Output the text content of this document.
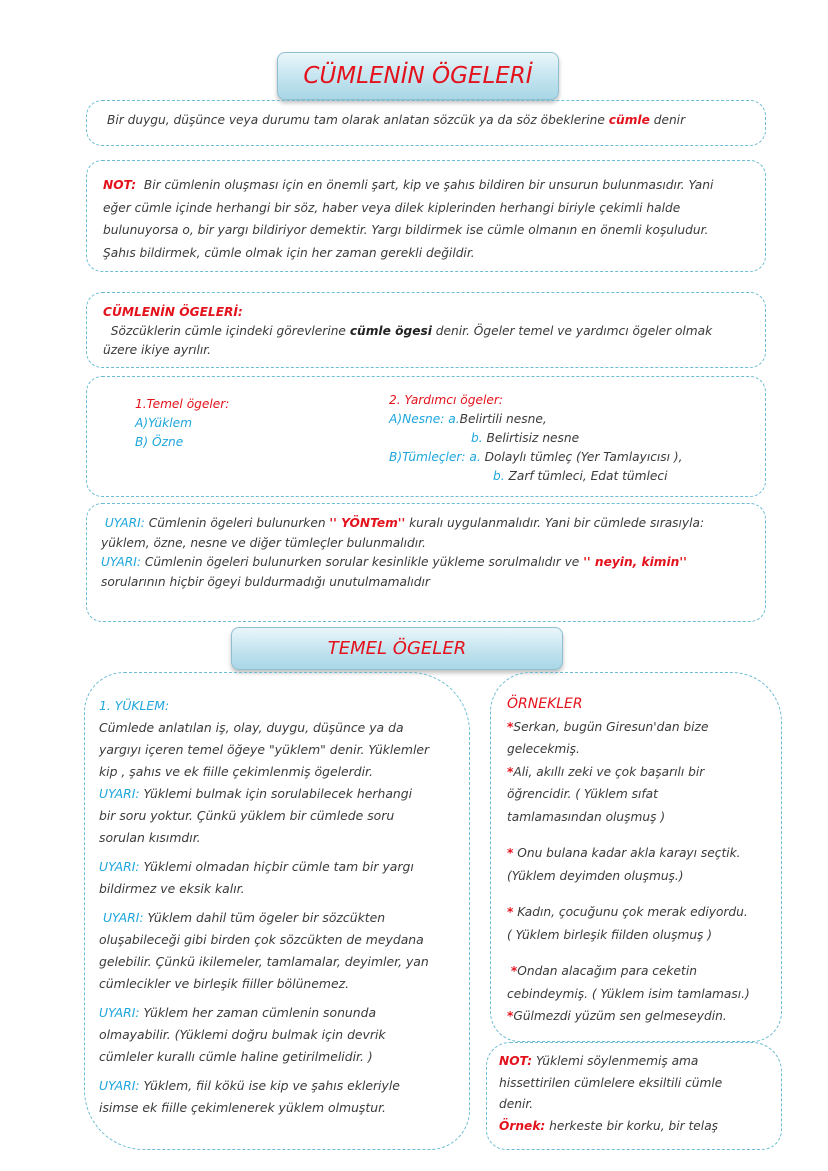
CÜMLENİN ÖGELERİ
Bir duygu, düşünce veya durumu tam olarak anlatan sözcük ya da söz öbeklerine cümle denir

NOT: Bir cümlenin oluşması için en önemli şart, kip ve şahıs bildiren bir unsurun bulunmasıdır. Yani

eğer cümle içinde herhangi bir söz, haber veya dilek kiplerinden herhangi biriyle çekimli halde

bulunuyorsa o, bir yargı bildiriyor demektir. Yargı bildirmek ise cümle olmanın en önemli koşuludur.

Şahıs bildirmek, cümle olmak için her zaman gerekli değildir.

CÜMLENİN ÖGELERİ:

Sözcüklerin cümle içindeki görevlerine cümle ögesi denir. Ögeler temel ve yardımcı ögeler olmak

üzere ikiye ayrılır.

1.Temel ögeler:

A)Yüklem

B) Özne

2. Yardımcı ögeler:

A)Nesne: a.Belirtili nesne,

b. Belirtisiz nesne

B)Tümleçler: a. Dolaylı tümleç (Yer Tamlayıcısı ),

b. Zarf tümleci, Edat tümleci

UYARI: Cümlenin ögeleri bulunurken '' YÖNTem'' kuralı uygulanmalıdır. Yani bir cümlede sırasıyla:

yüklem, özne, nesne ve diğer tümleçler bulunmalıdır.

UYARI: Cümlenin ögeleri bulunurken sorular kesinlikle yükleme sorulmalıdır ve '' neyin, kimin''

sorularının hiçbir ögeyi buldurmadığı unutulmamalıdır

TEMEL ÖGELER

1. YÜKLEM:

Cümlede anlatılan iş, olay, duygu, düşünce ya da

yargıyı içeren temel öğeye "yüklem" denir. Yüklemler

kip , şahıs ve ek fiille çekimlenmiş ögelerdir.

UYARI: Yüklemi bulmak için sorulabilecek herhangi

bir soru yoktur. Çünkü yüklem bir cümlede soru

sorulan kısımdır.

UYARI: Yüklemi olmadan hiçbir cümle tam bir yargı

bildirmez ve eksik kalır.

UYARI: Yüklem dahil tüm ögeler bir sözcükten

oluşabileceği gibi birden çok sözcükten de meydana

gelebilir. Çünkü ikilemeler, tamlamalar, deyimler, yan

cümlecikler ve birleşik fiiller bölünemez.

UYARI: Yüklem her zaman cümlenin sonunda

olmayabilir. (Yüklemi doğru bulmak için devrik

cümleler kurallı cümle haline getirilmelidir. )

UYARI: Yüklem, fiil kökü ise kip ve şahıs ekleriyle

isimse ek fiille çekimlenerek yüklem olmuştur.

ÖRNEKLER

*Serkan, bugün Giresun'dan bize

gelecekmiş.

*Ali, akıllı zeki ve çok başarılı bir

öğrencidir. ( Yüklem sıfat

tamlamasından oluşmuş )

* Onu bulana kadar akla karayı seçtik.

(Yüklem deyimden oluşmuş.)

* Kadın, çocuğunu çok merak ediyordu.

( Yüklem birleşik fiilden oluşmuş )

*Ondan alacağım para ceketin

cebindeymiş. ( Yüklem isim tamlaması.)

*Gülmezdi yüzüm sen gelmeseydin.

NOT: Yüklemi söylenmemiş ama

hissettirilen cümlelere eksiltili cümle

denir.

Örnek: herkeste bir korku, bir telaş
